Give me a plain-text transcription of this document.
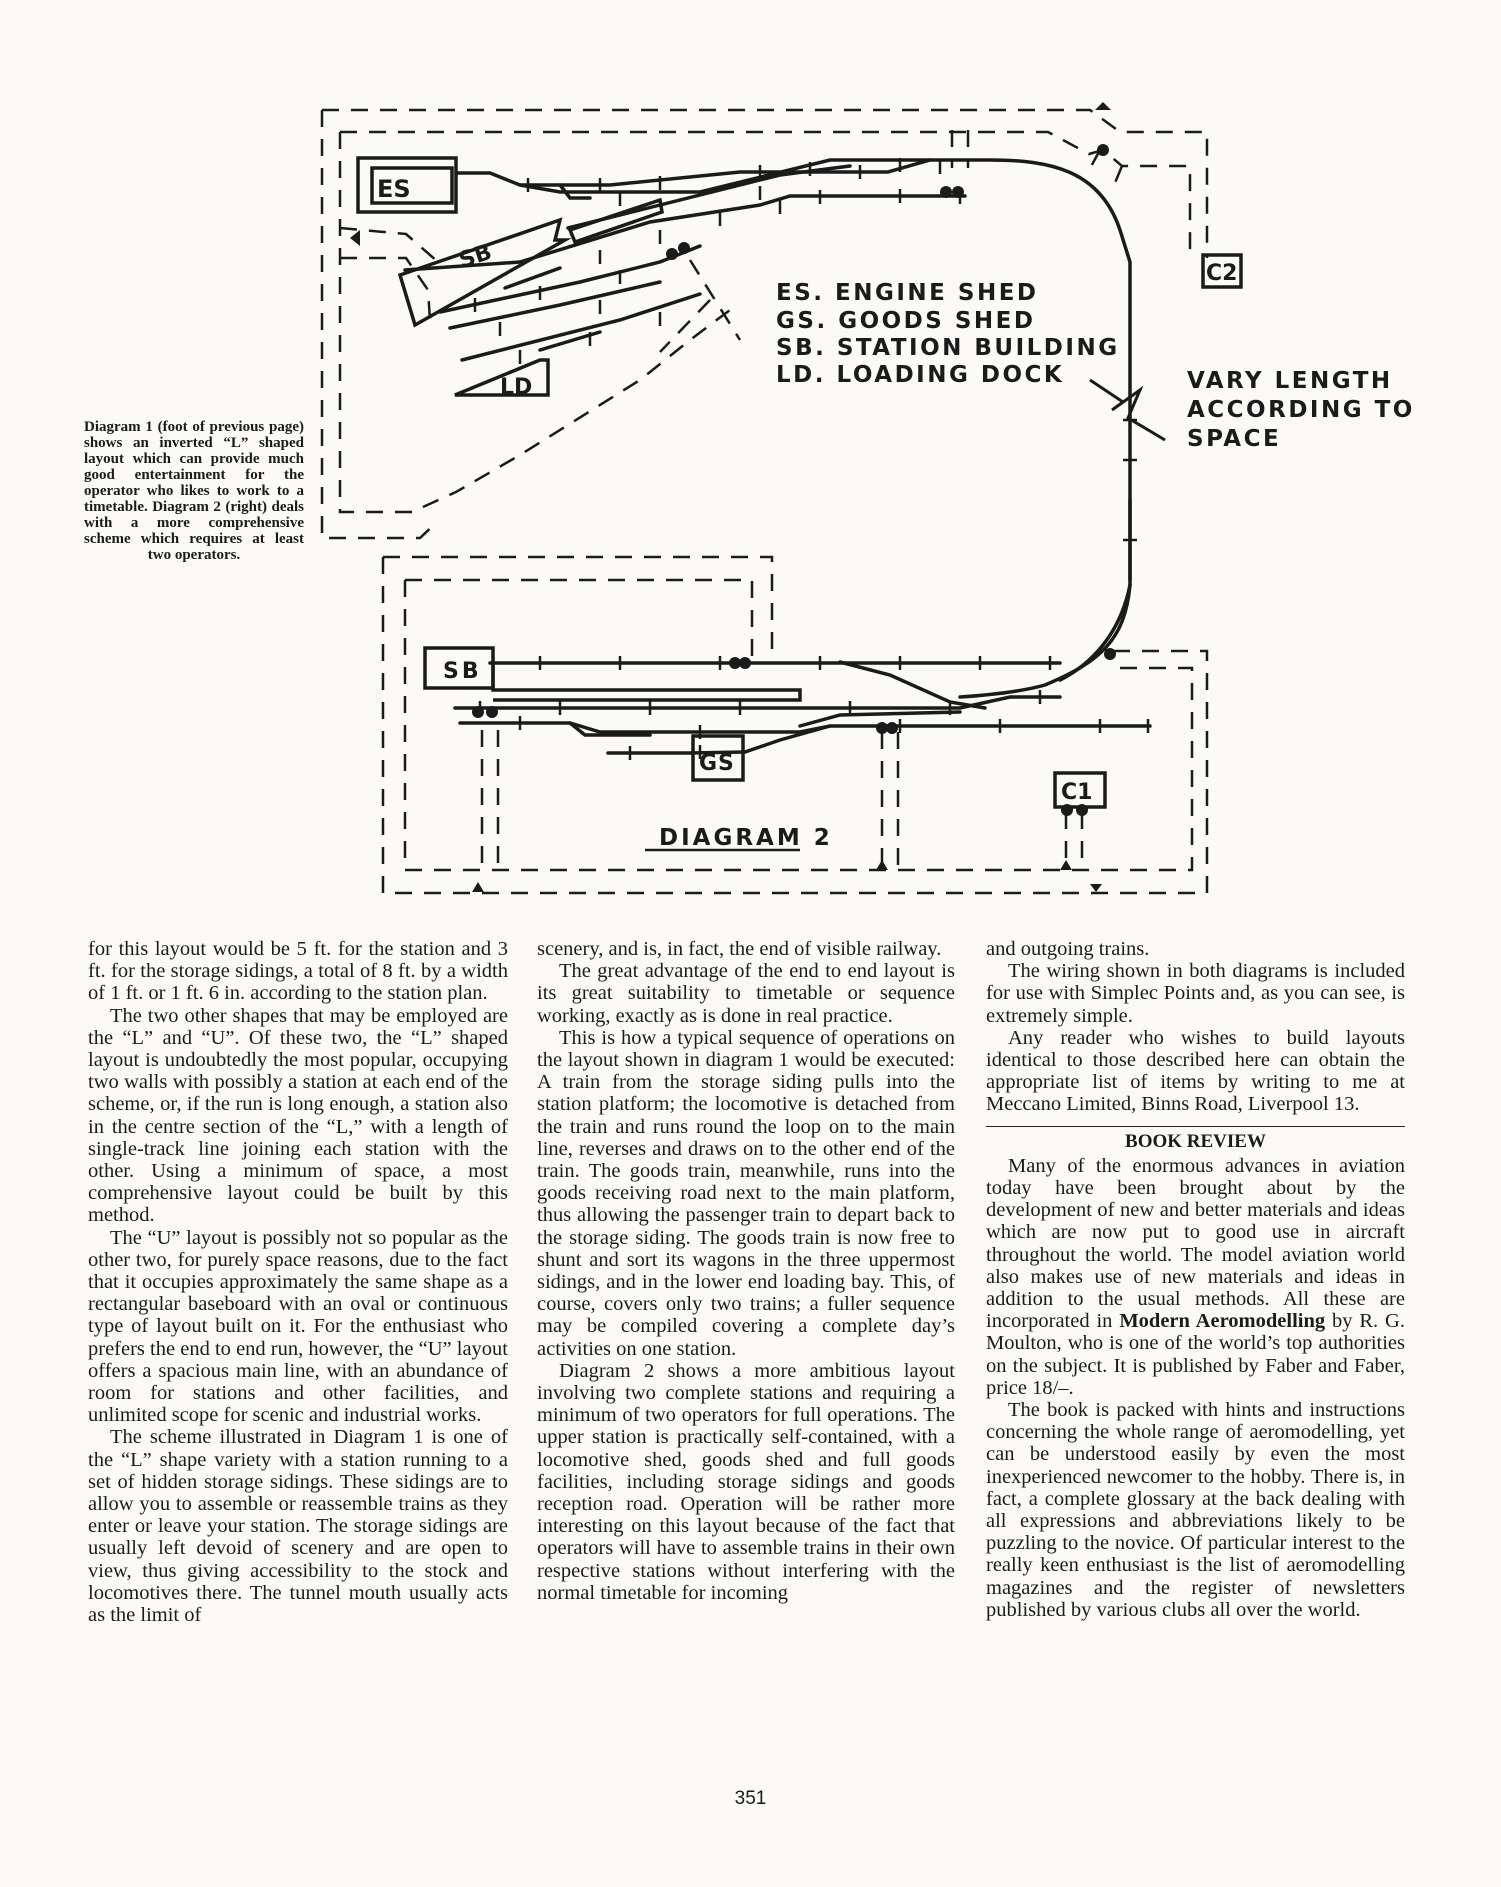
ES
SB
LD
C2
ES. ENGINE SHED
GS. GOODS SHED
SB. STATION BUILDING
LD. LOADING DOCK	VARY LENGTH
ACCORDING TO
SPACE
SB
GS
C1
DIAGRAM 2
Diagram 1 (foot of previous page) shows an inverted “L” shaped layout which can provide much good entertainment for the operator who likes to work to a timetable. Diagram 2 (right) deals with a more comprehensive scheme which requires at least two operators.

for this layout would be 5 ft. for the station and 3 ft. for the storage sidings, a total of 8 ft. by a width of 1 ft. or 1 ft. 6 in. according to the station plan.

The two other shapes that may be employed are the “L” and “U”. Of these two, the “L” shaped layout is undoubtedly the most popular, occupying two walls with possibly a station at each end of the scheme, or, if the run is long enough, a station also in the centre section of the “L,” with a length of single-track line joining each station with the other. Using a minimum of space, a most comprehensive layout could be built by this method.

The “U” layout is possibly not so popular as the other two, for purely space reasons, due to the fact that it occupies approximately the same shape as a rectangular baseboard with an oval or continuous type of layout built on it. For the enthusiast who prefers the end to end run, however, the “U” layout offers a spacious main line, with an abundance of room for stations and other facilities, and unlimited scope for scenic and industrial works.

The scheme illustrated in Diagram 1 is one of the “L” shape variety with a station running to a set of hidden storage sidings. These sidings are to allow you to assemble or reassemble trains as they enter or leave your station. The storage sidings are usually left devoid of scenery and are open to view, thus giving accessibility to the stock and locomotives there. The tunnel mouth usually acts as the limit of

scenery, and is, in fact, the end of visible railway.

The great advantage of the end to end layout is its great suitability to timetable or sequence working, exactly as is done in real practice.

This is how a typical sequence of operations on the layout shown in diagram 1 would be executed: A train from the storage siding pulls into the station platform; the locomotive is detached from the train and runs round the loop on to the main line, reverses and draws on to the other end of the train. The goods train, meanwhile, runs into the goods receiving road next to the main platform, thus allowing the passenger train to depart back to the storage siding. The goods train is now free to shunt and sort its wagons in the three uppermost sidings, and in the lower end loading bay. This, of course, covers only two trains; a fuller sequence may be compiled covering a complete day’s activities on one station.

Diagram 2 shows a more ambitious layout involving two complete stations and requiring a minimum of two operators for full operations. The upper station is practically self-contained, with a locomotive shed, goods shed and full goods facilities, including storage sidings and goods reception road. Operation will be rather more interesting on this layout because of the fact that operators will have to assemble trains in their own respective stations without interfering with the normal timetable for incoming

and outgoing trains.

The wiring shown in both diagrams is included for use with Simplec Points and, as you can see, is extremely simple.

Any reader who wishes to build layouts identical to those described here can obtain the appropriate list of items by writing to me at Meccano Limited, Binns Road, Liverpool 13.

BOOK REVIEW

Many of the enormous advances in aviation today have been brought about by the development of new and better materials and ideas which are now put to good use in aircraft throughout the world. The model aviation world also makes use of new materials and ideas in addition to the usual methods. All these are incorporated in Modern Aeromodelling by R. G. Moulton, who is one of the world’s top authorities on the subject. It is published by Faber and Faber, price 18/–.

The book is packed with hints and instructions concerning the whole range of aeromodelling, yet can be understood easily by even the most inexperienced newcomer to the hobby. There is, in fact, a complete glossary at the back dealing with all expressions and abbreviations likely to be puzzling to the novice. Of particular interest to the really keen enthusiast is the list of aeromodelling magazines and the register of newsletters published by various clubs all over the world.

351
